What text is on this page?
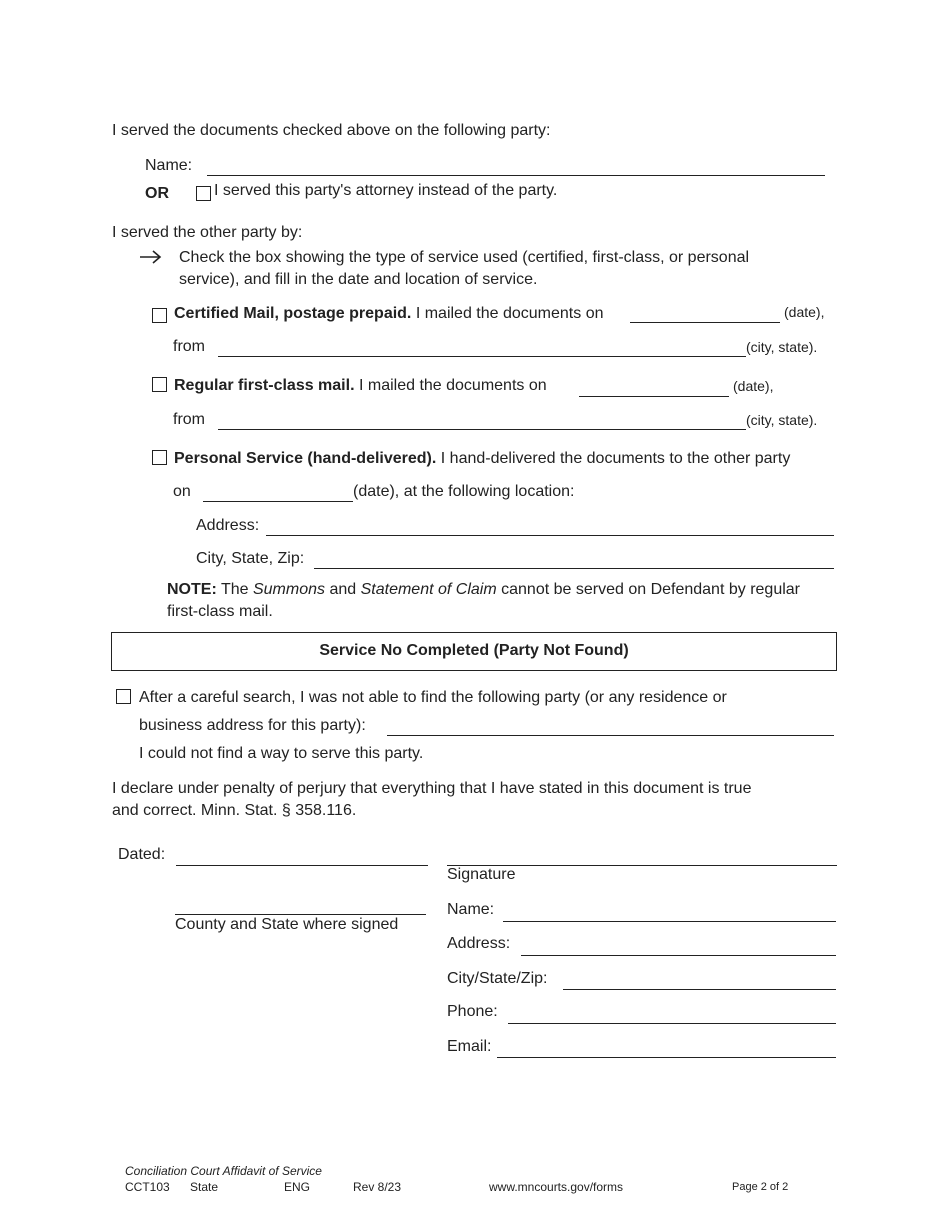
I served the documents checked above on the following party:
Name:
OR	I served this party's attorney instead of the party.
I served the other party by:
Check the box showing the type of service used (certified, first-class, or personal
service), and fill in the date and location of service.
Certified Mail, postage prepaid. I mailed the documents on	(date),
from	(city, state).
Regular first-class mail. I mailed the documents on	(date),
from	(city, state).
Personal Service (hand-delivered). I hand-delivered the documents to the other party
on	(date), at the following location:
Address:
City, State, Zip:
NOTE: The Summons and Statement of Claim cannot be served on Defendant by regular
first-class mail.
Service No Completed (Party Not Found)
After a careful search, I was not able to find the following party (or any residence or
business address for this party):
I could not find a way to serve this party.
I declare under penalty of perjury that everything that I have stated in this document is true
and correct. Minn. Stat. § 358.116.
Dated:
Signature
County and State where signed
Name:
Address:
City/State/Zip:
Phone:
Email:
Conciliation Court Affidavit of Service
CCT103 State	ENG	Rev 8/23	www.mncourts.gov/forms	Page 2 of 2
